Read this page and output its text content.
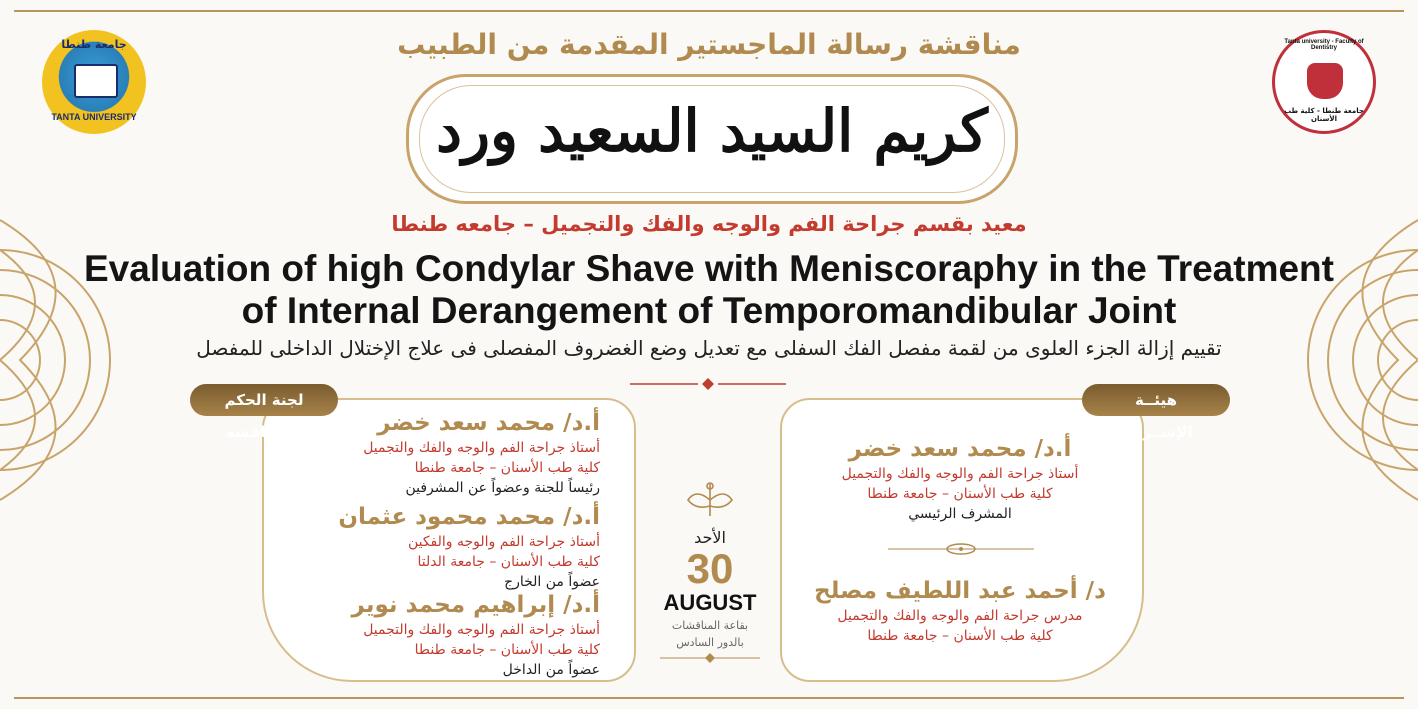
جامعة طنطا
TANTA UNIVERSITY
Tanta university - Faculty of Dentistry
جامعة طنطا - كلية طب الأسنان
مناقشة رسالة الماجستير المقدمة من الطبيب
كريم السيد السعيد ورد
معيد بقسم جراحة الفم والوجه والفك والتجميل – جامعه طنطا
Evaluation of high Condylar Shave with Meniscoraphy in the Treatment
of Internal Derangement of Temporomandibular Joint
تقييم إزالة الجزء العلوى من لقمة مفصل الفك السفلى مع تعديل وضع الغضروف المفصلى فى علاج الإختلال الداخلى للمفصل
لجنة الحكم والمناقشة
هيئــة الإشــراف
أ.د/ محمد سعد خضر
أستاذ جراحة الفم والوجه والفك والتجميل
كلية طب الأسنان – جامعة طنطا
رئيساً للجنة وعضواً عن المشرفين
أ.د/ محمد محمود عثمان
أستاذ جراحة الفم والوجه والفكين
كلية طب الأسنان – جامعة الدلتا
عضواً من الخارج
أ.د/ إبراهيم محمد نوير
أستاذ جراحة الفم والوجه والفك والتجميل
كلية طب الأسنان – جامعة طنطا
عضواً من الداخل
أ.د/ محمد سعد خضر
أستاذ جراحة الفم والوجه والفك والتجميل
كلية طب الأسنان – جامعة طنطا
المشرف الرئيسي
د/ أحمد عبد اللطيف مصلح
مدرس جراحة الفم والوجه والفك والتجميل
كلية طب الأسنان – جامعة طنطا
الأحد
30
AUGUST
بقاعة المناقشات
بالدور السادس
